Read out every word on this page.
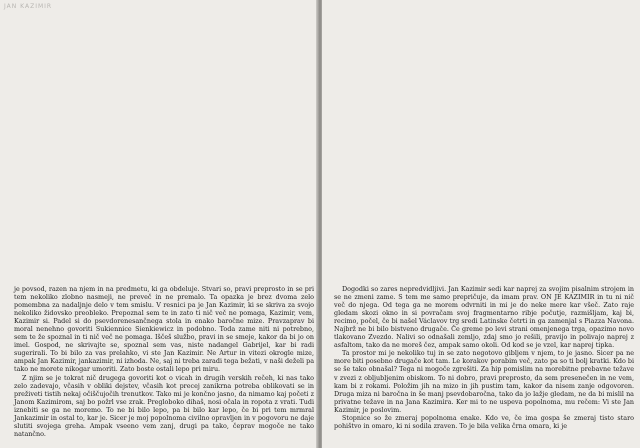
JAN KAZIMIR

je povsod, razen na njem in na predmetu, ki ga obdeluje. Stvari so, pravi preprosto in se pri tem nekoliko zlobno nasmeji, ne preveč in ne premalo. Ta opazka je brez dvoma zelo pomembna za nadaljnje delo v tem smislu. V resnici pa je Jan Kazimir, ki se skriva za svojo nekoliko židovsko preobleko. Prepoznal sem te in zato ti nič več ne pomaga, Kazimir, vem, Kazimir si. Padel si do psevdorenesančnega stola in enako baročne mize. Pravzaprav bi moral nenehno govoriti Sukiennice Sienkiewicz in podobno. Toda zame niti ni potrebno, sem te že spoznal in ti nič več ne pomaga. Iščeš službo, pravi in se smeje, kakor da bi jo on imel. Gospod, ne skrivajte se, spoznal sem vas, niste nadangel Gabrijel, kar bi radi sugerirali. To bi bilo za vas prelahko, vi ste Jan Kazimir. Ne Artur in vitezi okrogle mize, ampak Jan Kazimir, jankazimir, ni izhoda. Ne, saj ni treba zaradi tega bežati, v naši deželi pa tako ne morete nikogar umoriti. Zato boste ostali lepo pri miru.

Z njim se je tokrat nič drugega govoriti kot o vicah in drugih verskih rečeh, ki nas tako zelo zadevajo, včasih v obliki dejstev, včasih kot precej zanikrna potreba oblikovati se in preživeti tistih nekaj očiščujočih trenutkov. Tako mi je končno jasno, da nimamo kaj početi z Janom Kazimirom, saj bo požrl vse zrak. Pregloboko dihaš, nosi očala in ropota z vrati. Tudi iznebiti se ga ne moremo. To ne bi bilo lepo, pa bi bilo kar lepo, če bi pri tem mrmral Jankazimir in ostal to, kar je. Sicer je moj popolnoma civilno opravljen in v pogovoru ne daje slutiti svojega greha. Ampak vseeno vem zanj, drugi pa tako, čeprav mogoče ne tako natančno.

Dogodki so zares nepredvidljivi. Jan Kazimir sedi kar naprej za svojim pisalnim strojem in se ne zmeni zame. S tem me samo prepričuje, da imam prav. ON JE KAZIMIR in tu ni nič več do njega. Od tega ga ne morem odvrniti in mi je do neke mere kar všeč. Zato raje gledam skozi okno in si povračam svoj fragmentarno ribje počutje, razmišljam, kaj bi, recimo, počel, če bi našel Václavov trg sredi Latinske četrti in ga zamenjal s Piazza Navona. Najbrž ne bi bilo bistveno drugače. Če greme po levi strani omenjenega trga, opazimo novo tlakovano Zvezdo. Nalivi so odnašali zemljo, zdaj smo jo rešili, pravijo in polivajo naprej z asfaltom, tako da ne moreš čez, ampak samo okoli. Od kod se je vzel, kar naprej tipka.

Ta prostor mi je nekoliko tuj in se zato negotovo gibljem v njem, to je jasno. Sicer pa ne more biti posebno drugače kot tam. Le korakov porabim več, zato pa so ti bolj kratki. Kdo bi se še tako obnašal? Tega ni mogoče zgrešiti. Za hip pomislim na morebitne prebavne težave v zvezi z obljubljenim obiskom. To ni dobro, pravi preprosto, da sem presenečen in ne vem, kam bi z rokami. Položim jih na mizo in jih pustim tam, kakor da nisem zanje odgovoren. Druga miza ni baročna in še manj psevdobaročna, tako da jo lažje gledam, ne da bi mislil na privatne težave in na Jana Kazimira. Ker mi to ne uspeva popolnoma, mu rečem: Vi ste Jan Kazimir, je poslovim.

Stopnice so že zmeraj popolnoma enake. Kdo ve, če ima gospa še zmeraj tisto staro pohištvo in omaro, ki ni sodila zraven. To je bila velika črna omara, ki je
